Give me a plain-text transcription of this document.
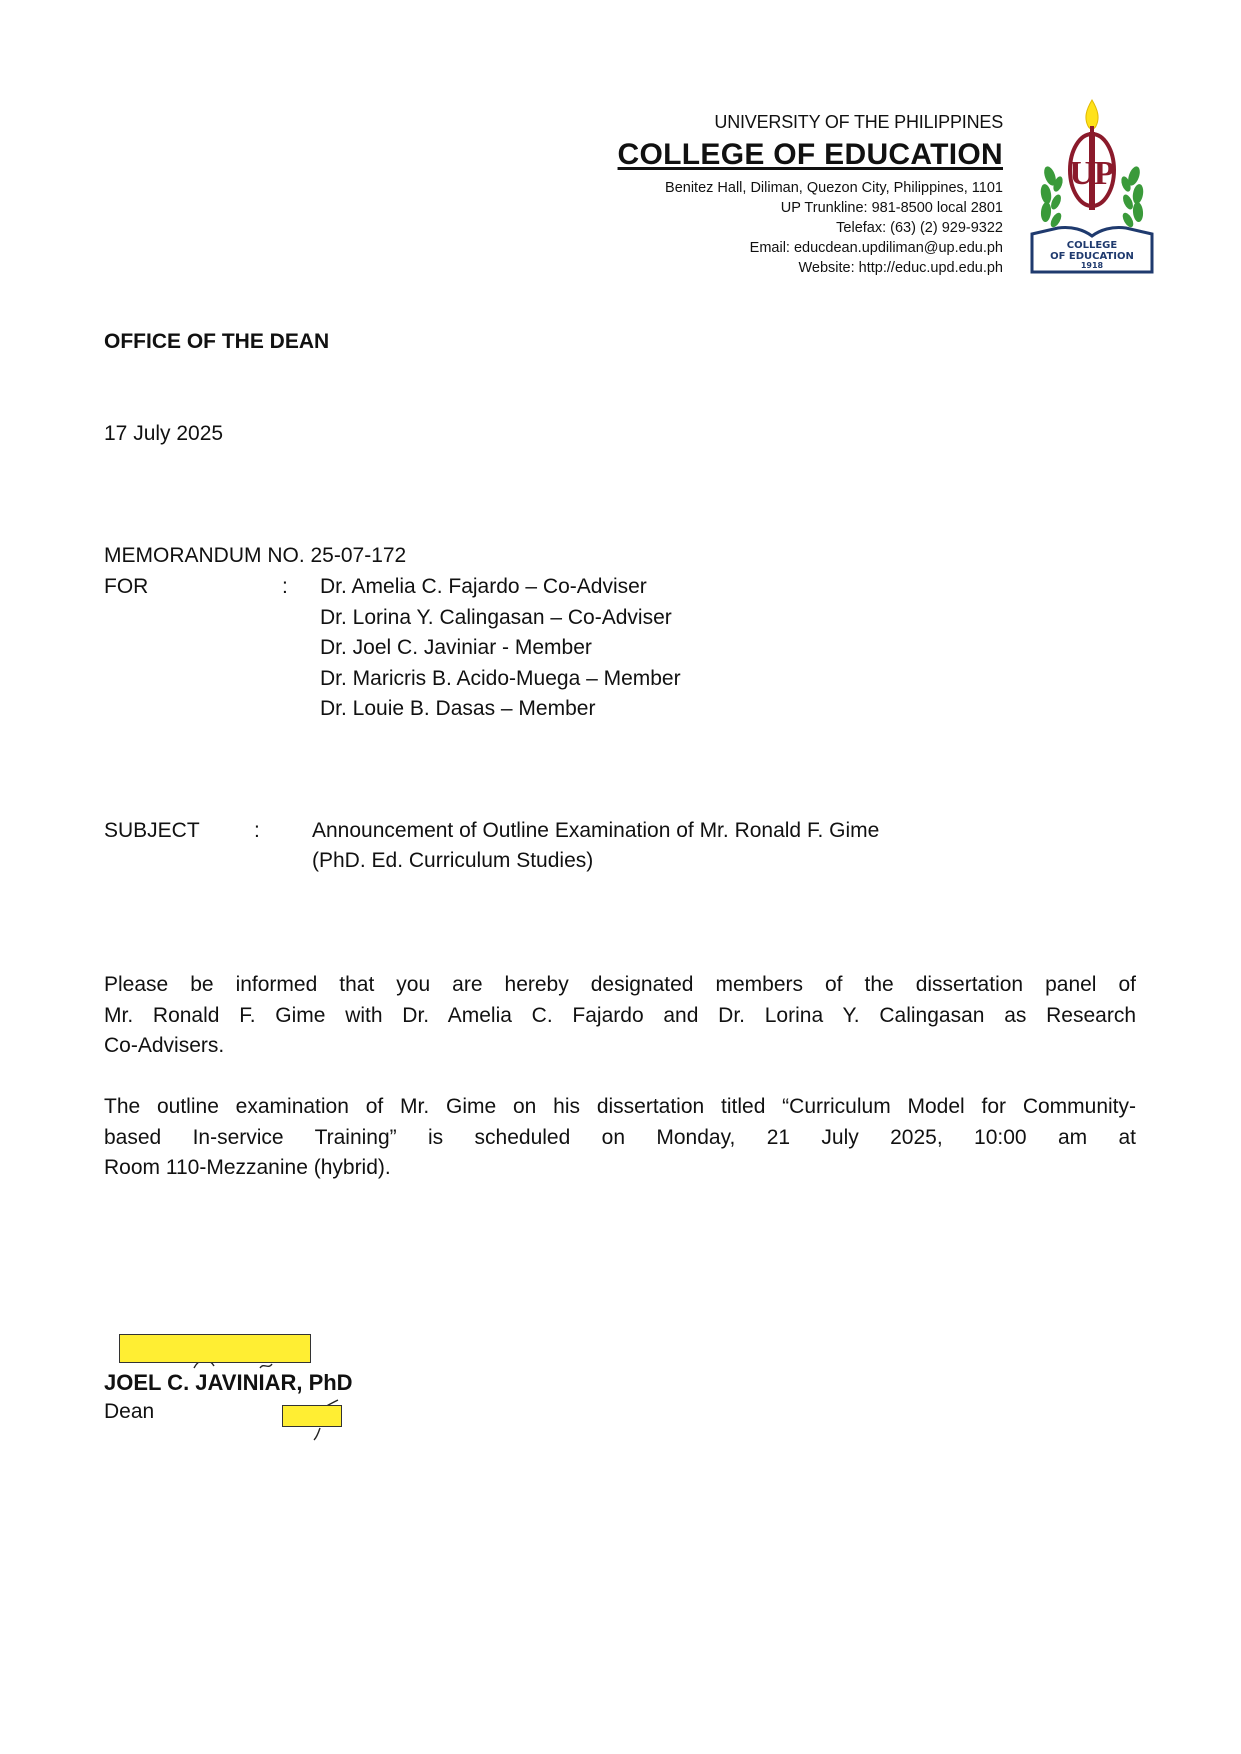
UNIVERSITY OF THE PHILIPPINES
COLLEGE OF EDUCATION
Benitez Hall, Diliman, Quezon City, Philippines, 1101
UP Trunkline: 981-8500 local 2801
Telefax: (63) (2) 929-9322
Email: educdean.updiliman@up.edu.ph
Website: http://educ.upd.edu.ph
UP
COLLEGE
OF EDUCATION
1918
OFFICE OF THE DEAN
17 July 2025
MEMORANDUM NO. 25-07-172
FOR	: Dr. Amelia C. Fajardo – Co-Adviser
Dr. Lorina Y. Calingasan – Co-Adviser
Dr. Joel C. Javiniar - Member
Dr. Maricris B. Acido-Muega – Member
Dr. Louie B. Dasas – Member
SUBJECT	: Announcement of Outline Examination of Mr. Ronald F. Gime
(PhD. Ed. Curriculum Studies)
Please be informed that you are hereby designated members of the dissertation panel of
Mr. Ronald F. Gime with Dr. Amelia C. Fajardo and Dr. Lorina Y. Calingasan as Research
Co-Advisers.
The outline examination of Mr. Gime on his dissertation titled “Curriculum Model for Community-
based In-service Training” is scheduled on Monday, 21 July 2025, 10:00 am at
Room 110-Mezzanine (hybrid).
JOEL C. JAVINIAR, PhD
Dean
